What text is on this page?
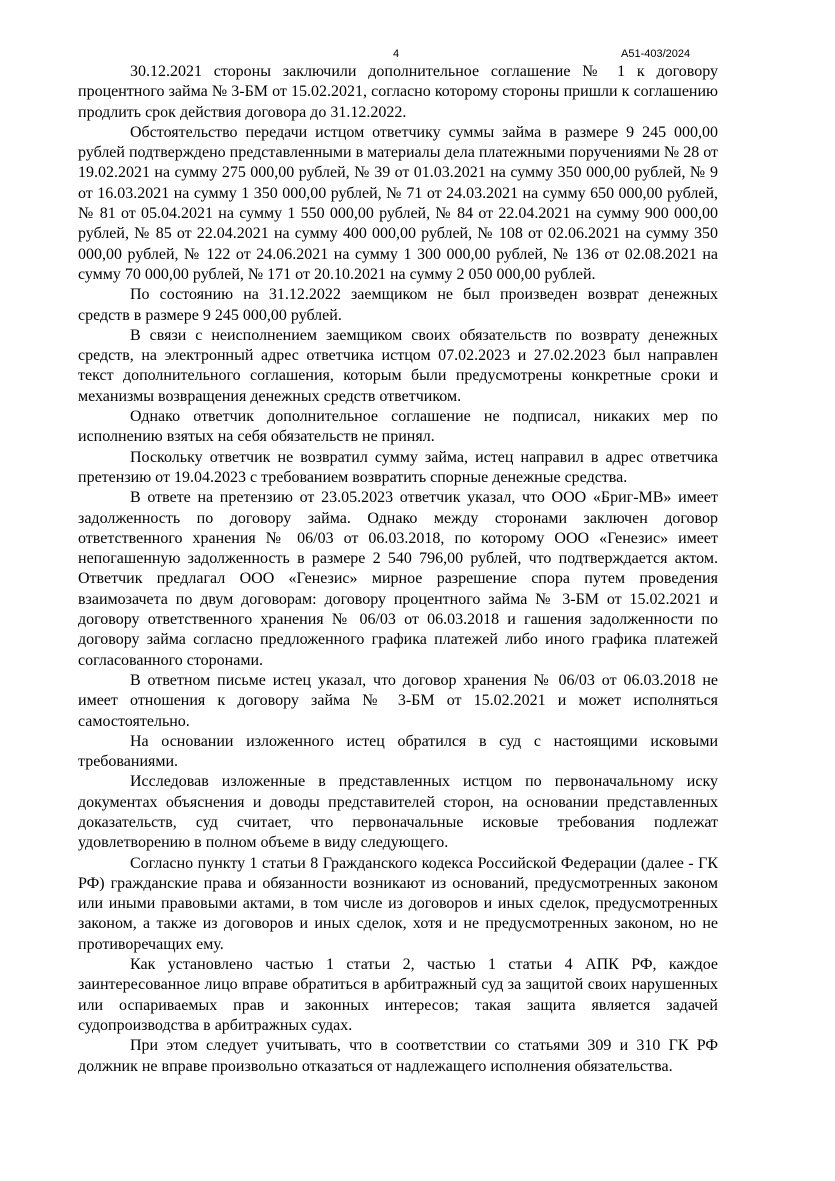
4	А51-403/2024

30.12.2021 стороны заключили дополнительное соглашение № 1 к договору процентного займа № 3-БМ от 15.02.2021, согласно которому стороны пришли к соглашению продлить срок действия договора до 31.12.2022.

Обстоятельство передачи истцом ответчику суммы займа в размере 9 245 000,00 рублей подтверждено представленными в материалы дела платежными поручениями № 28 от 19.02.2021 на сумму 275 000,00 рублей, № 39 от 01.03.2021 на сумму 350 000,00 рублей, № 9 от 16.03.2021 на сумму 1 350 000,00 рублей, № 71 от 24.03.2021 на сумму 650 000,00 рублей, № 81 от 05.04.2021 на сумму 1 550 000,00 рублей, № 84 от 22.04.2021 на сумму 900 000,00 рублей, № 85 от 22.04.2021 на сумму 400 000,00 рублей, № 108 от 02.06.2021 на сумму 350 000,00 рублей, № 122 от 24.06.2021 на сумму 1 300 000,00 рублей, № 136 от 02.08.2021 на сумму 70 000,00 рублей, № 171 от 20.10.2021 на сумму 2 050 000,00 рублей.

По состоянию на 31.12.2022 заемщиком не был произведен возврат денежных средств в размере 9 245 000,00 рублей.

В связи с неисполнением заемщиком своих обязательств по возврату денежных средств, на электронный адрес ответчика истцом 07.02.2023 и 27.02.2023 был направлен текст дополнительного соглашения, которым были предусмотрены конкретные сроки и механизмы возвращения денежных средств ответчиком.

Однако ответчик дополнительное соглашение не подписал, никаких мер по исполнению взятых на себя обязательств не принял.

Поскольку ответчик не возвратил сумму займа, истец направил в адрес ответчика претензию от 19.04.2023 с требованием возвратить спорные денежные средства.

В ответе на претензию от 23.05.2023 ответчик указал, что ООО «Бриг-МВ» имеет задолженность по договору займа. Однако между сторонами заключен договор ответственного хранения № 06/03 от 06.03.2018, по которому ООО «Генезис» имеет непогашенную задолженность в размере 2 540 796,00 рублей, что подтверждается актом. Ответчик предлагал ООО «Генезис» мирное разрешение спора путем проведения взаимозачета по двум договорам: договору процентного займа № 3-БМ от 15.02.2021 и договору ответственного хранения № 06/03 от 06.03.2018 и гашения задолженности по договору займа согласно предложенного графика платежей либо иного графика платежей согласованного сторонами.

В ответном письме истец указал, что договор хранения № 06/03 от 06.03.2018 не имеет отношения к договору займа № 3-БМ от 15.02.2021 и может исполняться самостоятельно.

На основании изложенного истец обратился в суд с настоящими исковыми требованиями.

Исследовав изложенные в представленных истцом по первоначальному иску документах объяснения и доводы представителей сторон, на основании представленных доказательств, суд считает, что первоначальные исковые требования подлежат удовлетворению в полном объеме в виду следующего.

Согласно пункту 1 статьи 8 Гражданского кодекса Российской Федерации (далее - ГК РФ) гражданские права и обязанности возникают из оснований, предусмотренных законом или иными правовыми актами, в том числе из договоров и иных сделок, предусмотренных законом, а также из договоров и иных сделок, хотя и не предусмотренных законом, но не противоречащих ему.

Как установлено частью 1 статьи 2, частью 1 статьи 4 АПК РФ, каждое заинтересованное лицо вправе обратиться в арбитражный суд за защитой своих нарушенных или оспариваемых прав и законных интересов; такая защита является задачей судопроизводства в арбитражных судах.

При этом следует учитывать, что в соответствии со статьями 309 и 310 ГК РФ должник не вправе произвольно отказаться от надлежащего исполнения обязательства.
